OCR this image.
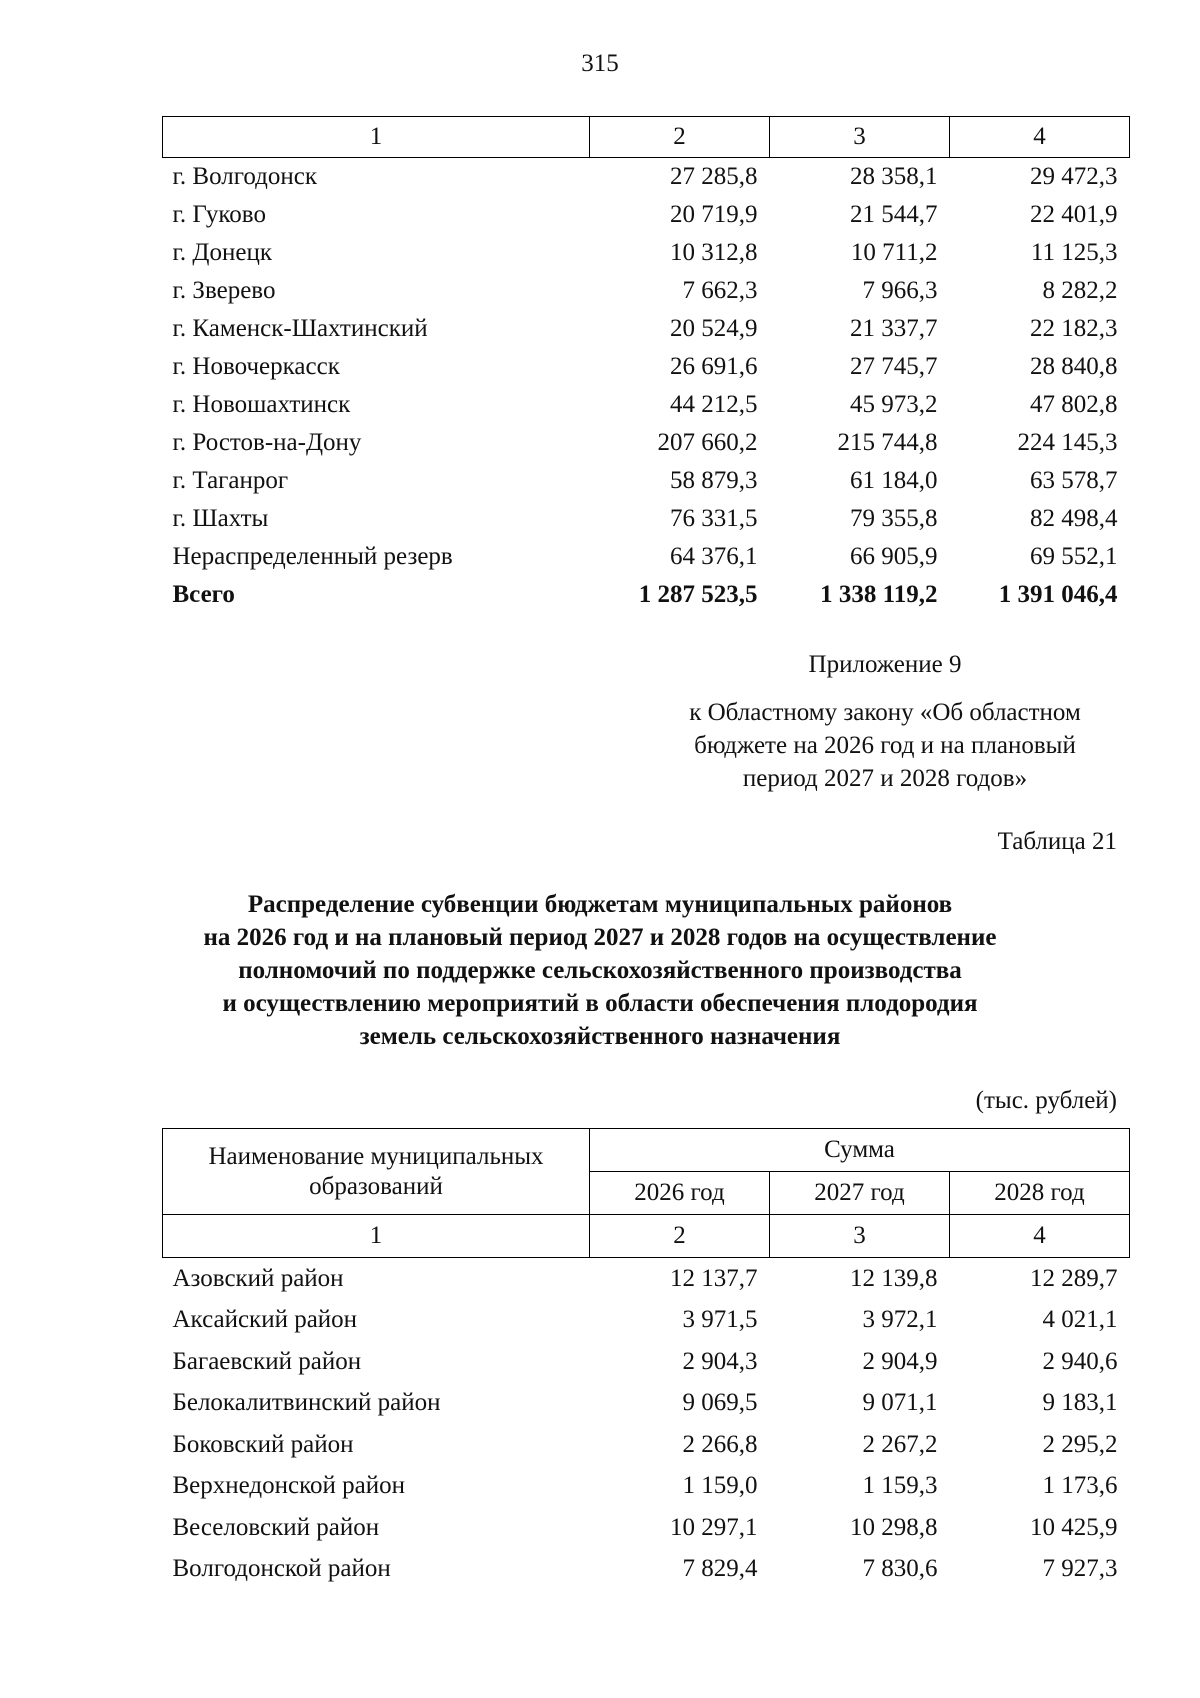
315
1	2	3	4
г. Волгодонск	27 285,8	28 358,1	29 472,3
г. Гуково	20 719,9	21 544,7	22 401,9
г. Донецк	10 312,8	10 711,2	11 125,3
г. Зверево	7 662,3	7 966,3	8 282,2
г. Каменск-Шахтинский	20 524,9	21 337,7	22 182,3
г. Новочеркасск	26 691,6	27 745,7	28 840,8
г. Новошахтинск	44 212,5	45 973,2	47 802,8
г. Ростов-на-Дону	207 660,2	215 744,8	224 145,3
г. Таганрог	58 879,3	61 184,0	63 578,7
г. Шахты	76 331,5	79 355,8	82 498,4
Нераспределенный резерв	64 376,1	66 905,9	69 552,1
Всего	1 287 523,5	1 338 119,2	1 391 046,4
Приложение 9
к Областному закону «Об областном
бюджете на 2026 год и на плановый
период 2027 и 2028 годов»
Таблица 21
Распределение субвенции бюджетам муниципальных районов
на 2026 год и на плановый период 2027 и 2028 годов на осуществление
полномочий по поддержке сельскохозяйственного производства
и осуществлению мероприятий в области обеспечения плодородия
земель сельскохозяйственного назначения
(тыс. рублей)
Наименование муниципальных
образований	Сумма		
	2026 год	2027 год	2028 год
1	2	3	4
Азовский район	12 137,7	12 139,8	12 289,7
Аксайский район	3 971,5	3 972,1	4 021,1
Багаевский район	2 904,3	2 904,9	2 940,6
Белокалитвинский район	9 069,5	9 071,1	9 183,1
Боковский район	2 266,8	2 267,2	2 295,2
Верхнедонской район	1 159,0	1 159,3	1 173,6
Веселовский район	10 297,1	10 298,8	10 425,9
Волгодонской район	7 829,4	7 830,6	7 927,3
